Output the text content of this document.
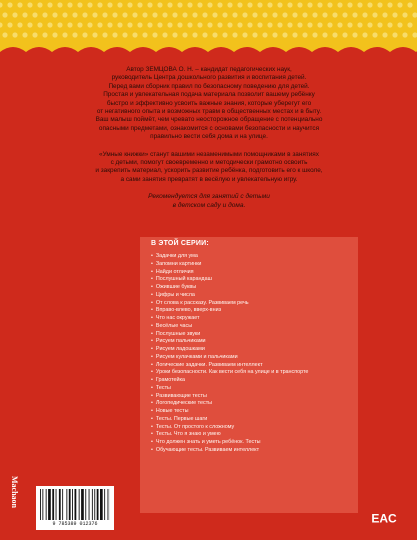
Автор ЗЕМЦОВА О. Н. – кандидат педагогических наук,

руководитель Центра дошкольного развития и воспитания детей.

Перед вами сборник правил по безопасному поведению для детей.

Простая и увлекательная подача материала позволит вашему ребёнку

быстро и эффективно усвоить важные знания, которые уберегут его

от негативного опыта и возможных травм в общественных местах и в быту.

Ваш малыш поймёт, чем чревато неосторожное обращение с потенциально

опасными предметами, ознакомится с основами безопасности и научится

правильно вести себя дома и на улице.

«Умные книжки» станут вашими незаменимыми помощниками в занятиях

с детьми, помогут своевременно и методически грамотно освоить

и закрепить материал, ускорить развитие ребёнка, подготовить его к школе,

а сами занятия превратят в весёлую и увлекательную игру.

Рекомендуется для занятий с детьми

в детском саду и дома.

В ЭТОЙ СЕРИИ:

• Задачки для ума
• Запомни картинки
• Найди отличия
• Послушный карандаш
• Ожившие буквы
• Цифры и числа
• От слова к рассказу. Развиваем речь
• Вправо-влево, вверх-вниз
• Что нас окружает
• Весёлые часы
• Послушные звуки
• Рисуем пальчиками
• Рисуем ладошками
• Рисуем кулачками и пальчиками
• Логические задачки. Развиваем интеллект
• Уроки безопасности. Как вести себя на улице и в транспорте
• Грамотейка
• Тесты
• Развивающие тесты
• Логопедические тесты
• Новые тесты
• Тесты. Первые шаги
• Тесты. От простого к сложному
• Тесты. Что я знаю и умею
• Что должен знать и уметь ребёнок. Тесты
• Обучающие тесты. Развиваем интеллект
Machaon
9 785389 012376	EAC
